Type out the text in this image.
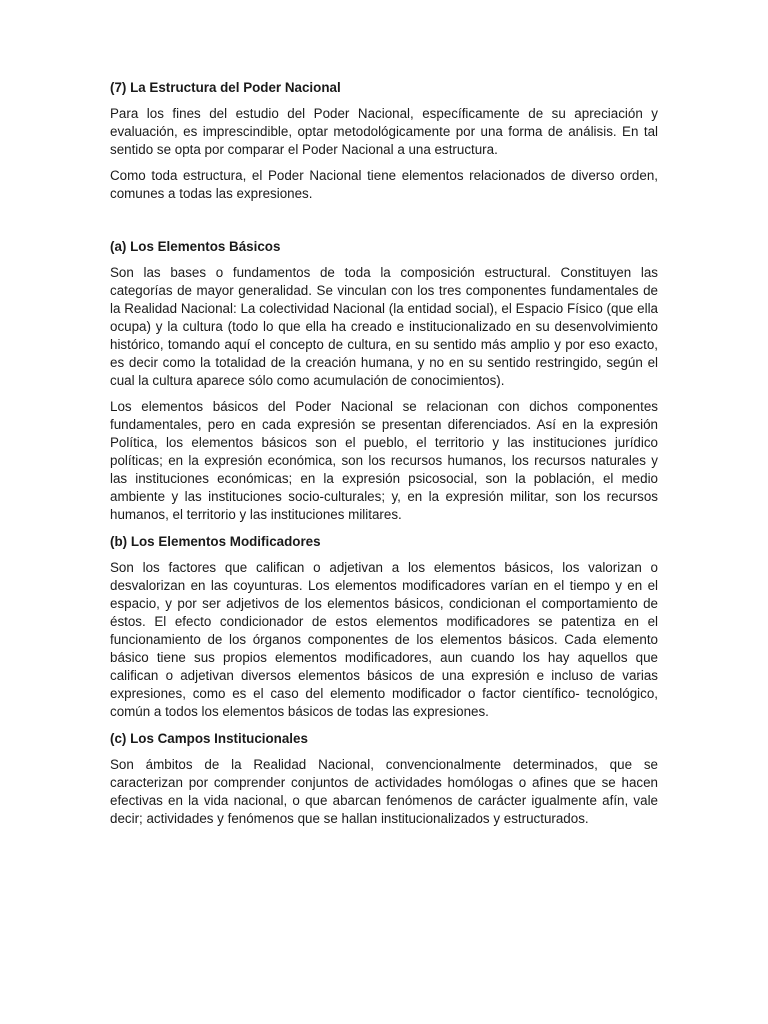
(7) La Estructura del Poder Nacional

Para los fines del estudio del Poder Nacional, específicamente de su apreciación y evaluación, es imprescindible, optar metodológicamente por una forma de análisis. En tal sentido se opta por comparar el Poder Nacional a una estructura.

Como toda estructura, el Poder Nacional tiene elementos relacionados de diverso orden, comunes a todas las expresiones.

(a) Los Elementos Básicos

Son las bases o fundamentos de toda la composición estructural. Constituyen las categorías de mayor generalidad. Se vinculan con los tres componentes fundamentales de la Realidad Nacional: La colectividad Nacional (la entidad social), el Espacio Físico (que ella ocupa) y la cultura (todo lo que ella ha creado e institucionalizado en su desenvolvimiento histórico, tomando aquí el concepto de cultura, en su sentido más amplio y por eso exacto, es decir como la totalidad de la creación humana, y no en su sentido restringido, según el cual la cultura aparece sólo como acumulación de conocimientos).

Los elementos básicos del Poder Nacional se relacionan con dichos componentes fundamentales, pero en cada expresión se presentan diferenciados. Así en la expresión Política, los elementos básicos son el pueblo, el territorio y las instituciones jurídico políticas; en la expresión económica, son los recursos humanos, los recursos naturales y las instituciones económicas; en la expresión psicosocial, son la población, el medio ambiente y las instituciones socio-culturales; y, en la expresión militar, son los recursos humanos, el territorio y las instituciones militares.

(b) Los Elementos Modificadores

Son los factores que califican o adjetivan a los elementos básicos, los valorizan o desvalorizan en las coyunturas. Los elementos modificadores varían en el tiempo y en el espacio, y por ser adjetivos de los elementos básicos, condicionan el comportamiento de éstos. El efecto condicionador de estos elementos modificadores se patentiza en el funcionamiento de los órganos componentes de los elementos básicos. Cada elemento básico tiene sus propios elementos modificadores, aun cuando los hay aquellos que califican o adjetivan diversos elementos básicos de una expresión e incluso de varias expresiones, como es el caso del elemento modificador o factor científico- tecnológico, común a todos los elementos básicos de todas las expresiones.

(c) Los Campos Institucionales

Son ámbitos de la Realidad Nacional, convencionalmente determinados, que se caracterizan por comprender conjuntos de actividades homólogas o afines que se hacen efectivas en la vida nacional, o que abarcan fenómenos de carácter igualmente afín, vale decir; actividades y fenómenos que se hallan institucionalizados y estructurados.
